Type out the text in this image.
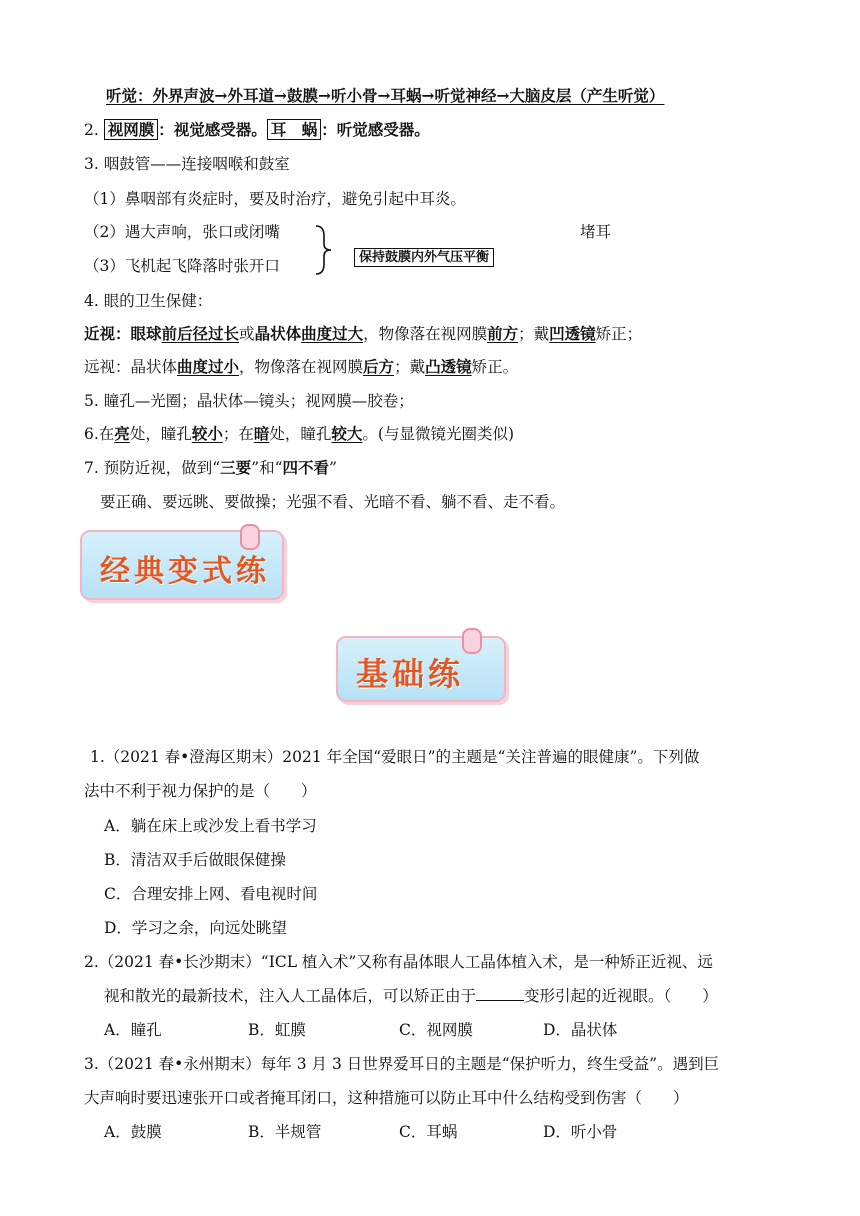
听觉：外界声波→外耳道→鼓膜→听小骨→耳蜗→听觉神经→大脑皮层（产生听觉）
2. 视网膜 ：视觉感受器。 耳　蜗 ：听觉感受器。
3. 咽鼓管——连接咽喉和鼓室
（1）鼻咽部有炎症时，要及时治疗，避免引起中耳炎。
（2）遇大声响，张口或闭嘴
（3）飞机起飞降落时张开口	保持鼓膜内外气压平衡
堵耳
4. 眼的卫生保健：
近视：眼球前后径过长或晶状体曲度过大，物像落在视网膜前方；戴凹透镜矫正；
远视：晶状体曲度过小，物像落在视网膜后方；戴凸透镜矫正。
5. 瞳孔—光圈；晶状体—镜头；视网膜—胶卷；
6.在亮处，瞳孔较小；在暗处，瞳孔较大。(与显微镜光圈类似)
7. 预防近视，做到“三要”和“四不看”
要正确、要远眺、要做操；光强不看、光暗不看、躺不看、走不看。
经典变式练
基础练
1.（2021 春•澄海区期末）2021 年全国“爱眼日”的主题是“关注普遍的眼健康”。下列做
法中不利于视力保护的是（　　）
A．躺在床上或沙发上看书学习
B．清洁双手后做眼保健操
C．合理安排上网、看电视时间
D．学习之余，向远处眺望
2.（2021 春•长沙期末）“ICL 植入术”又称有晶体眼人工晶体植入术，是一种矫正近视、远
视和散光的最新技术，注入人工晶体后，可以矫正由于	变形引起的近视眼。（　　）
A．瞳孔	B．虹膜	C．视网膜	D．晶状体
3.（2021 春•永州期末）每年 3 月 3 日世界爱耳日的主题是“保护听力，终生受益”。遇到巨
大声响时要迅速张开口或者掩耳闭口，这种措施可以防止耳中什么结构受到伤害（　　）
A．鼓膜	B．半规管	C．耳蜗	D．听小骨
